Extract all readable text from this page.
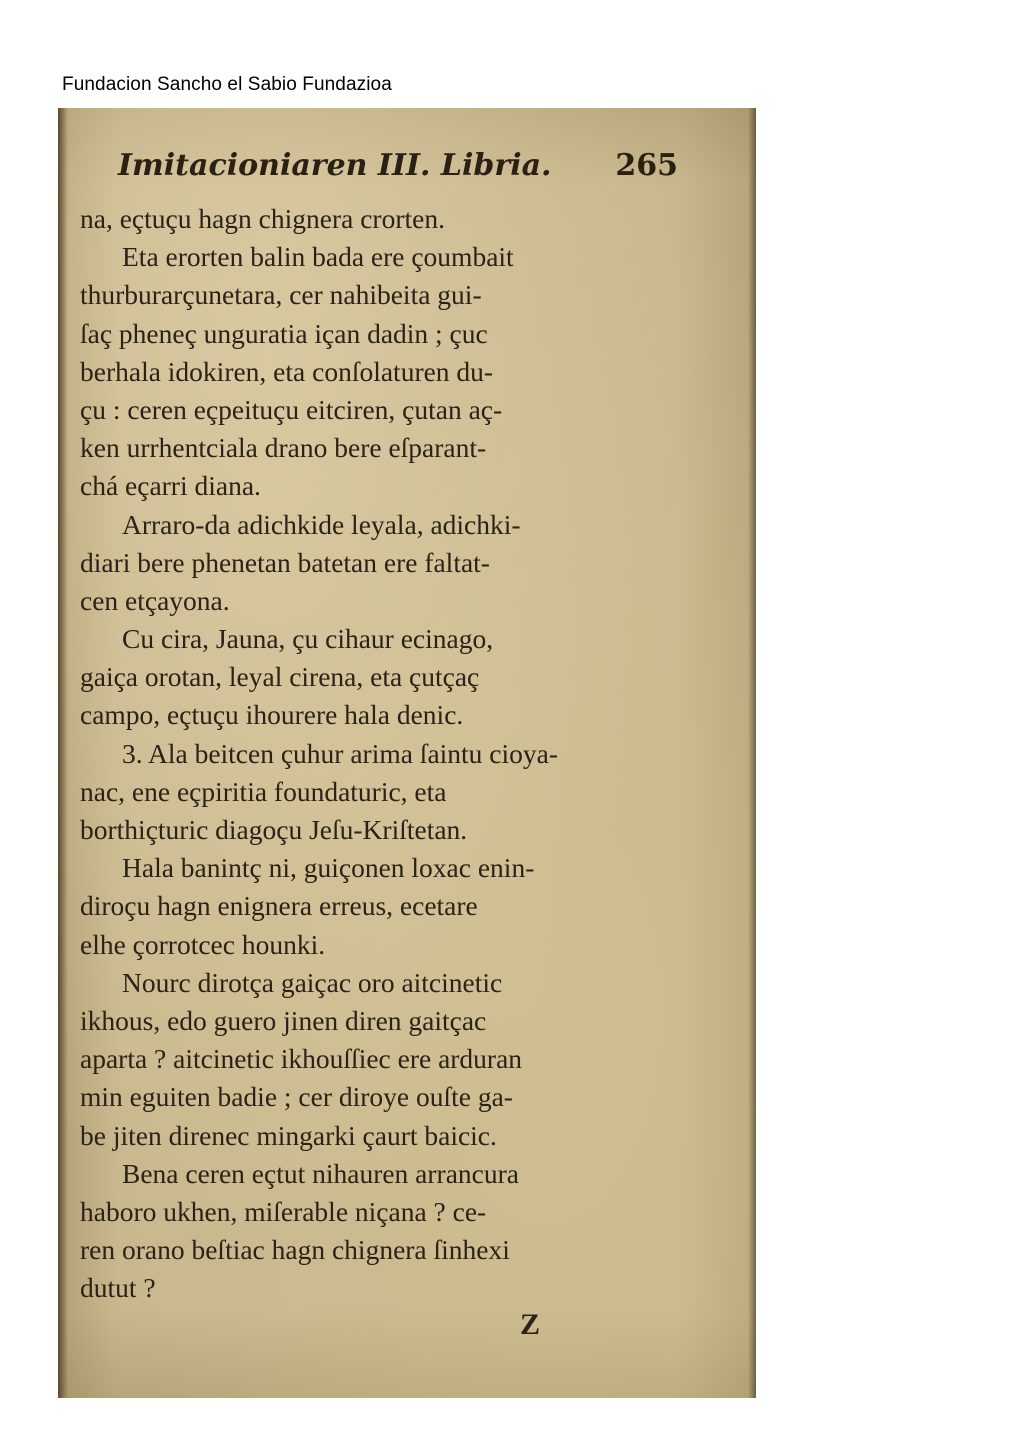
Fundacion Sancho el Sabio Fundazioa
Imitacioniaren III. Libria. 265
na, eçtuçu hagn chignera crorten.
Eta erorten balin bada ere çoumbait
thurburarçunetara, cer nahibeita gui-
ſaç pheneç unguratia içan dadin ; çuc
berhala idokiren, eta conſolaturen du-
çu : ceren eçpeituçu eitciren, çutan aç-
ken urrhentciala drano bere eſparant-
chá eçarri diana.
Arraro-da adichkide leyala, adichki-
diari bere phenetan batetan ere faltat-
cen etçayona.
Cu cira, Jauna, çu cihaur ecinago,
gaiça orotan, leyal cirena, eta çutçaç
campo, eçtuçu ihourere hala denic.
3. Ala beitcen çuhur arima ſaintu cioya-
nac, ene eçpiritia foundaturic, eta
borthiçturic diagoçu Jeſu-Kriſtetan.
Hala banintç ni, guiçonen loxac enin-
diroçu hagn enignera erreus, ecetare
elhe çorrotcec hounki.
Nourc dirotça gaiçac oro aitcinetic
ikhous, edo guero jinen diren gaitçac
aparta ? aitcinetic ikhouſſiec ere arduran
min eguiten badie ; cer diroye ouſte ga-
be jiten direnec mingarki çaurt baicic.
Bena ceren eçtut nihauren arrancura
haboro ukhen, miſerable niçana ? ce-
ren orano beſtiac hagn chignera ſinhexi
dutut ?
Z
